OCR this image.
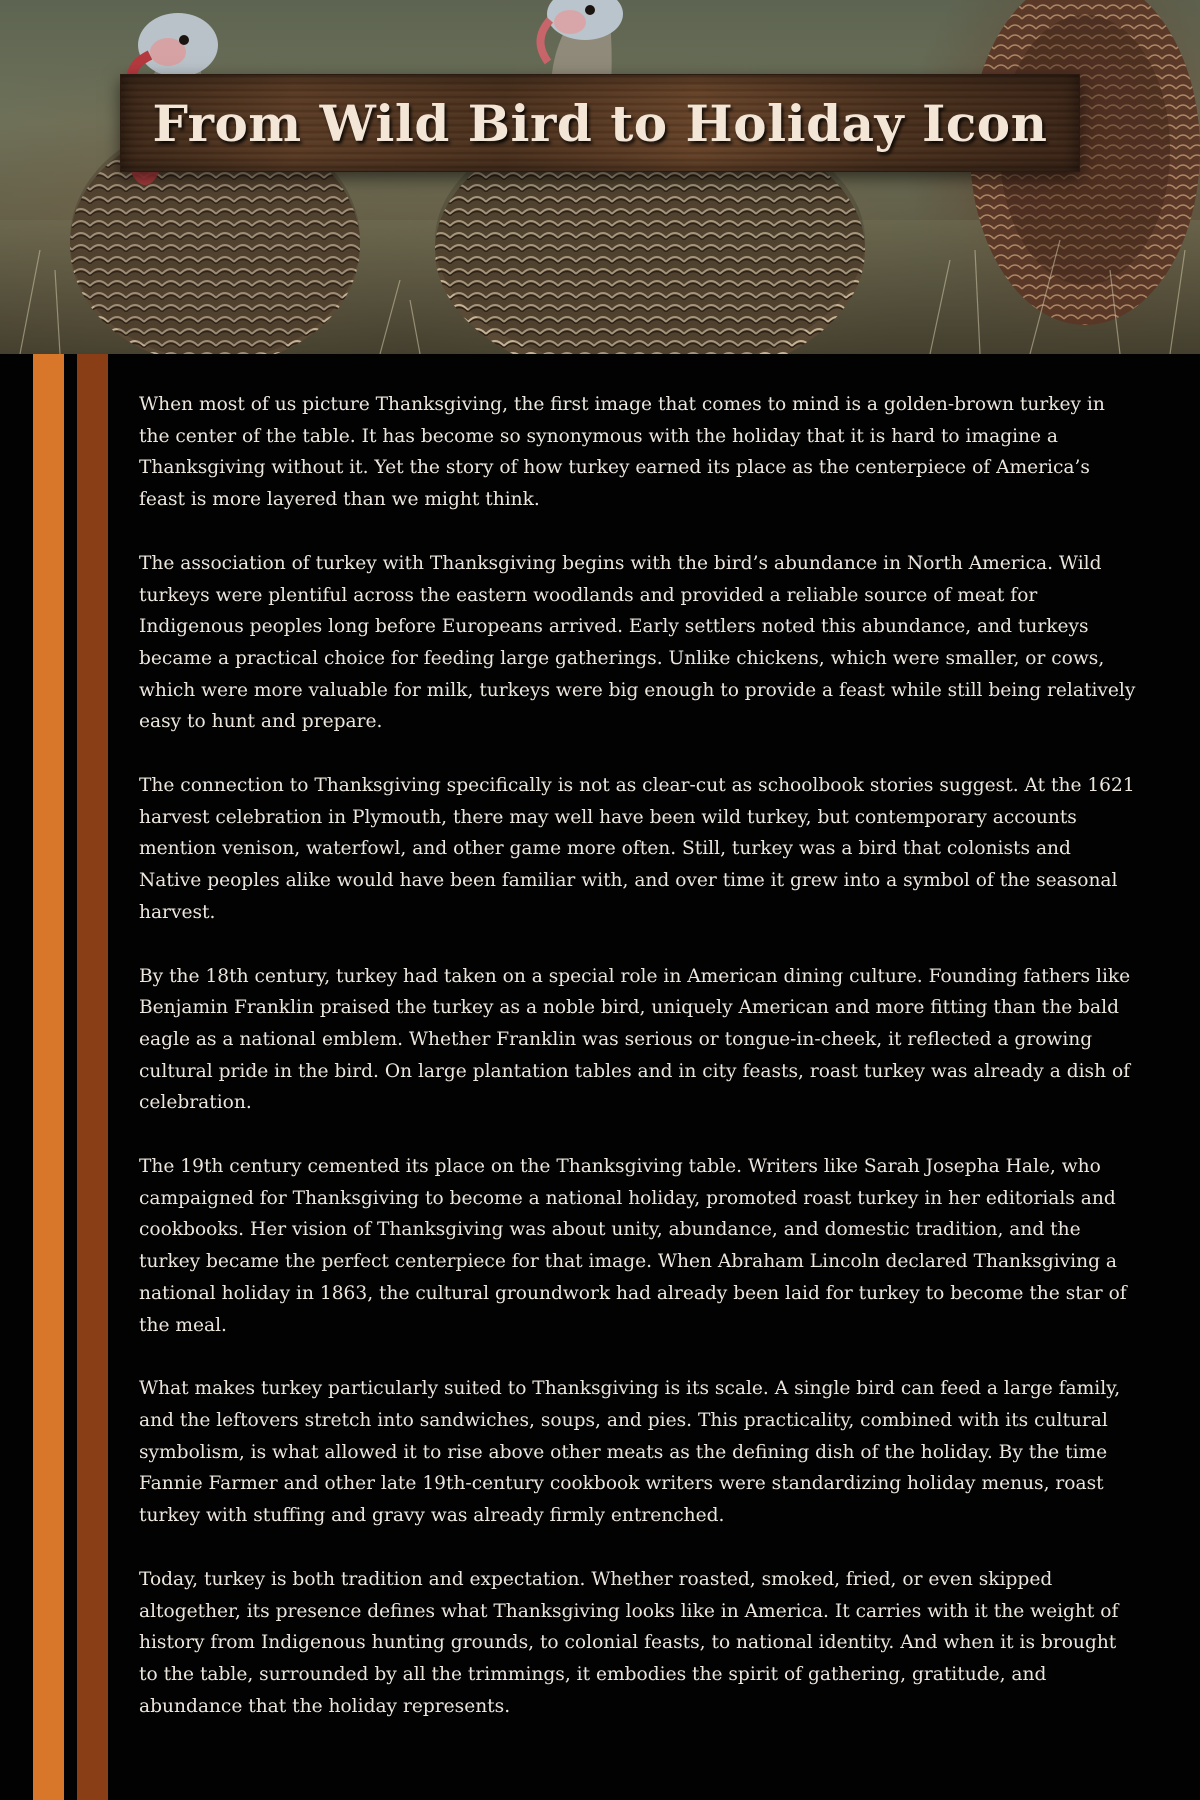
From Wild Bird to Holiday Icon

When most of us picture Thanksgiving, the first image that comes to mind is a golden-brown turkey in the center of the table. It has become so synonymous with the holiday that it is hard to imagine a Thanksgiving without it. Yet the story of how turkey earned its place as the centerpiece of America’s feast is more layered than we might think.

The association of turkey with Thanksgiving begins with the bird’s abundance in North America. Wild turkeys were plentiful across the eastern woodlands and provided a reliable source of meat for Indigenous peoples long before Europeans arrived. Early settlers noted this abundance, and turkeys became a practical choice for feeding large gatherings. Unlike chickens, which were smaller, or cows, which were more valuable for milk, turkeys were big enough to provide a feast while still being relatively easy to hunt and prepare.

The connection to Thanksgiving specifically is not as clear-cut as schoolbook stories suggest. At the 1621 harvest celebration in Plymouth, there may well have been wild turkey, but contemporary accounts mention venison, waterfowl, and other game more often. Still, turkey was a bird that colonists and Native peoples alike would have been familiar with, and over time it grew into a symbol of the seasonal harvest.

By the 18th century, turkey had taken on a special role in American dining culture. Founding fathers like Benjamin Franklin praised the turkey as a noble bird, uniquely American and more fitting than the bald eagle as a national emblem. Whether Franklin was serious or tongue-in-cheek, it reflected a growing cultural pride in the bird. On large plantation tables and in city feasts, roast turkey was already a dish of celebration.

The 19th century cemented its place on the Thanksgiving table. Writers like Sarah Josepha Hale, who campaigned for Thanksgiving to become a national holiday, promoted roast turkey in her editorials and cookbooks. Her vision of Thanksgiving was about unity, abundance, and domestic tradition, and the turkey became the perfect centerpiece for that image. When Abraham Lincoln declared Thanksgiving a national holiday in 1863, the cultural groundwork had already been laid for turkey to become the star of the meal.

What makes turkey particularly suited to Thanksgiving is its scale. A single bird can feed a large family, and the leftovers stretch into sandwiches, soups, and pies. This practicality, combined with its cultural symbolism, is what allowed it to rise above other meats as the defining dish of the holiday. By the time Fannie Farmer and other late 19th-century cookbook writers were standardizing holiday menus, roast turkey with stuffing and gravy was already firmly entrenched.

Today, turkey is both tradition and expectation. Whether roasted, smoked, fried, or even skipped altogether, its presence defines what Thanksgiving looks like in America. It carries with it the weight of history from Indigenous hunting grounds, to colonial feasts, to national identity. And when it is brought to the table, surrounded by all the trimmings, it embodies the spirit of gathering, gratitude, and abundance that the holiday represents.
